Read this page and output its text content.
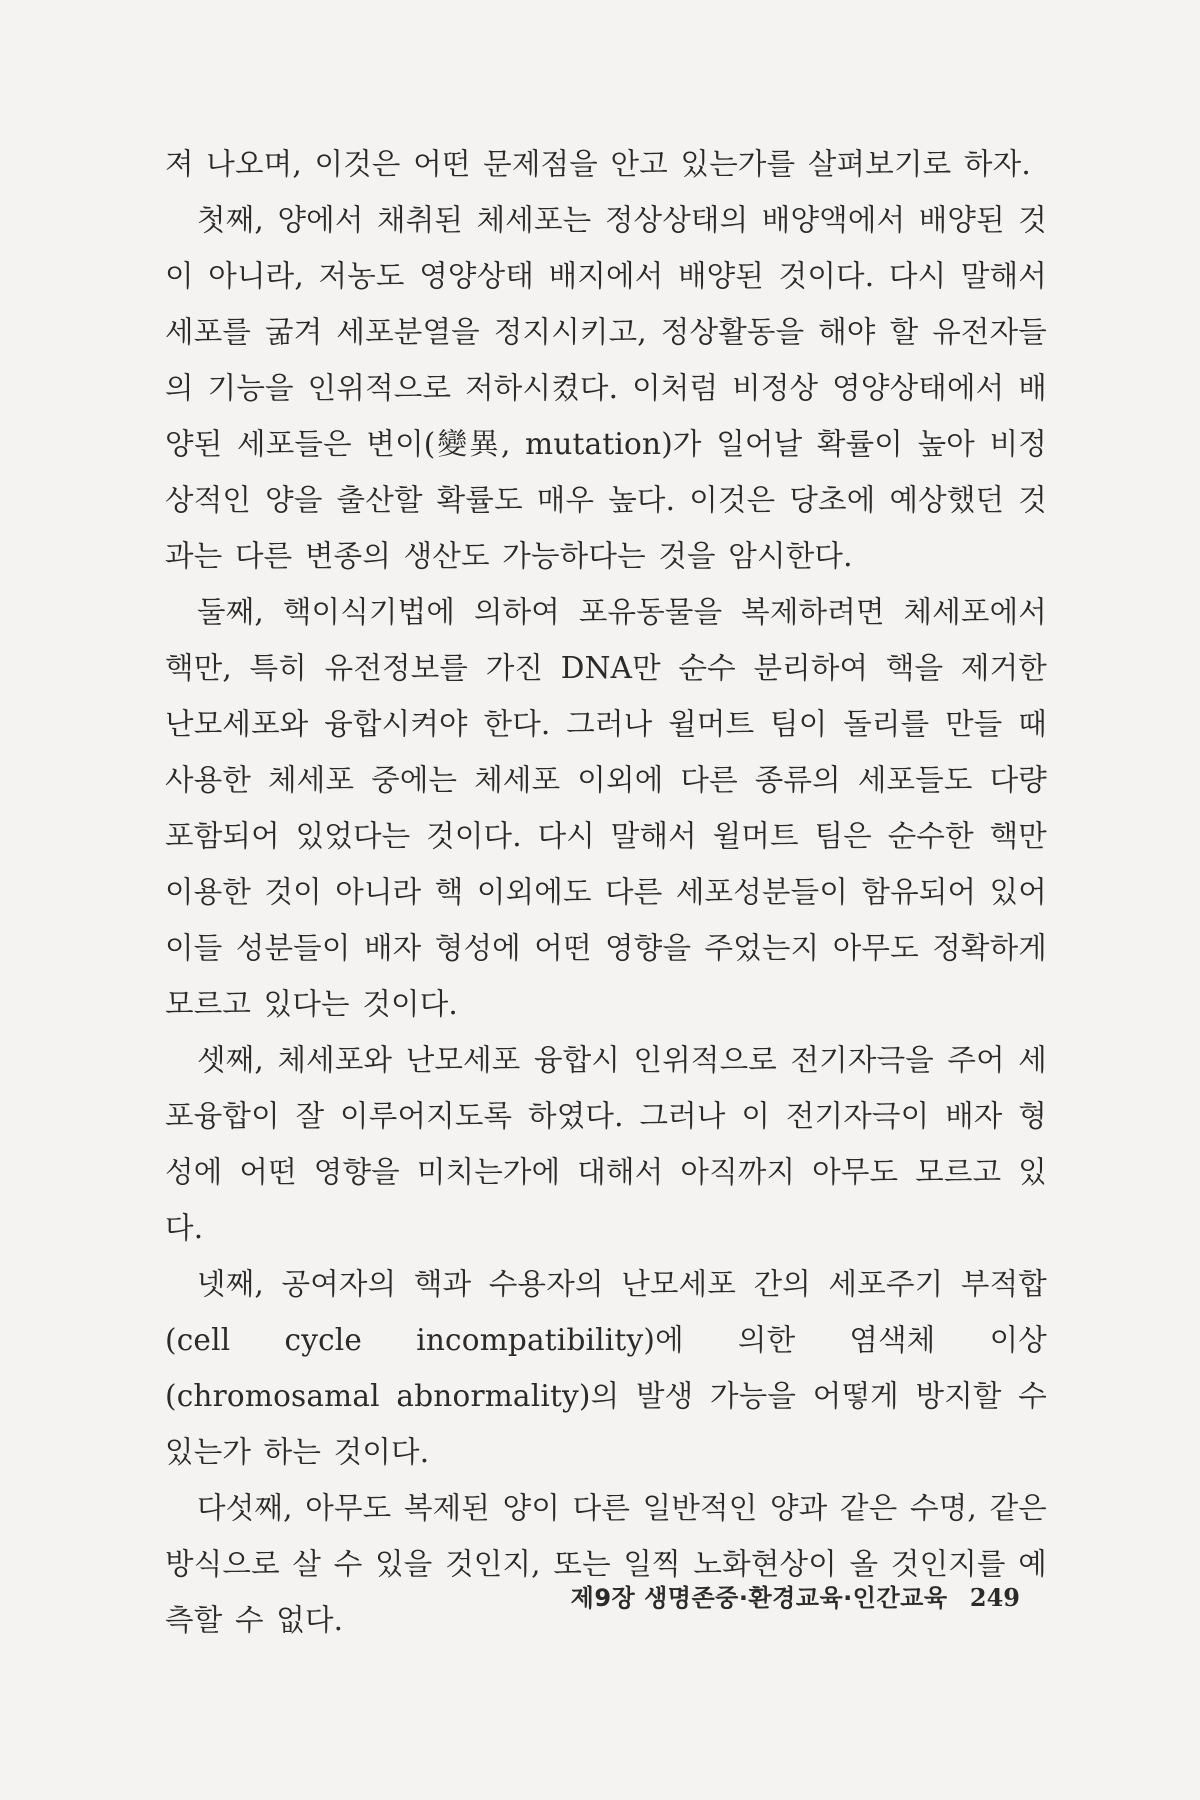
져 나오며, 이것은 어떤 문제점을 안고 있는가를 살펴보기로 하자.

첫째, 양에서 채취된 체세포는 정상상태의 배양액에서 배양된 것이 아니라, 저농도 영양상태 배지에서 배양된 것이다. 다시 말해서 세포를 굶겨 세포분열을 정지시키고, 정상활동을 해야 할 유전자들의 기능을 인위적으로 저하시켰다. 이처럼 비정상 영양상태에서 배양된 세포들은 변이(變異, mutation)가 일어날 확률이 높아 비정상적인 양을 출산할 확률도 매우 높다. 이것은 당초에 예상했던 것과는 다른 변종의 생산도 가능하다는 것을 암시한다.

둘째, 핵이식기법에 의하여 포유동물을 복제하려면 체세포에서 핵만, 특히 유전정보를 가진 DNA만 순수 분리하여 핵을 제거한 난모세포와 융합시켜야 한다. 그러나 윌머트 팀이 돌리를 만들 때 사용한 체세포 중에는 체세포 이외에 다른 종류의 세포들도 다량 포함되어 있었다는 것이다. 다시 말해서 윌머트 팀은 순수한 핵만 이용한 것이 아니라 핵 이외에도 다른 세포성분들이 함유되어 있어 이들 성분들이 배자 형성에 어떤 영향을 주었는지 아무도 정확하게 모르고 있다는 것이다.

셋째, 체세포와 난모세포 융합시 인위적으로 전기자극을 주어 세포융합이 잘 이루어지도록 하였다. 그러나 이 전기자극이 배자 형성에 어떤 영향을 미치는가에 대해서 아직까지 아무도 모르고 있다.

넷째, 공여자의 핵과 수용자의 난모세포 간의 세포주기 부적합(cell cycle incompatibility)에 의한 염색체 이상(chromosamal abnormality)의 발생 가능을 어떻게 방지할 수 있는가 하는 것이다.

다섯째, 아무도 복제된 양이 다른 일반적인 양과 같은 수명, 같은 방식으로 살 수 있을 것인지, 또는 일찍 노화현상이 올 것인지를 예측할 수 없다.

제9장 생명존중·환경교육·인간교육 249
